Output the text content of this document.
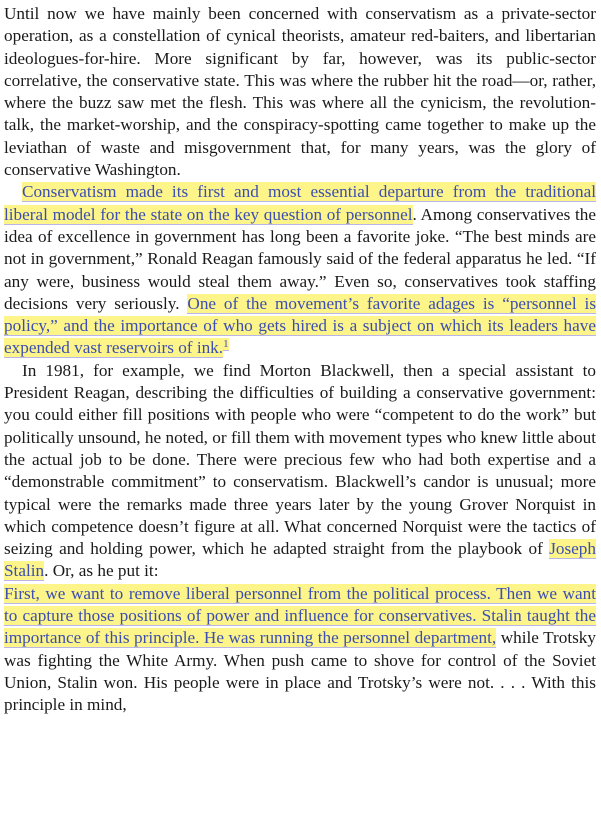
Until now we have mainly been concerned with conservatism as a private-sector operation, as a constellation of cynical theorists, amateur red-baiters, and libertarian ideologues-for-hire. More significant by far, however, was its public-sector correlative, the conservative state. This was where the rubber hit the road—or, rather, where the buzz saw met the flesh. This was where all the cynicism, the revolution-talk, the market-worship, and the conspiracy-spotting came together to make up the leviathan of waste and misgovernment that, for many years, was the glory of conservative Washington.

Conservatism made its first and most essential departure from the traditional liberal model for the state on the key question of personnel. Among conservatives the idea of excellence in government has long been a favorite joke. “The best minds are not in government,” Ronald Reagan famously said of the federal apparatus he led. “If any were, business would steal them away.” Even so, conservatives took staffing decisions very seriously. One of the movement’s favorite adages is “personnel is policy,” and the importance of who gets hired is a subject on which its leaders have expended vast reservoirs of ink.$^1$

In 1981, for example, we find Morton Blackwell, then a special assistant to President Reagan, describing the difficulties of building a conservative government: you could either fill positions with people who were “competent to do the work” but politically unsound, he noted, or fill them with movement types who knew little about the actual job to be done. There were precious few who had both expertise and a “demonstrable commitment” to conservatism. Blackwell’s candor is unusual; more typical were the remarks made three years later by the young Grover Norquist in which competence doesn’t figure at all. What concerned Norquist were the tactics of seizing and holding power, which he adapted straight from the playbook of Joseph Stalin. Or, as he put it:

First, we want to remove liberal personnel from the political process. Then we want to capture those positions of power and influence for conservatives. Stalin taught the importance of this principle. He was running the personnel department, while Trotsky was fighting the White Army. When push came to shove for control of the Soviet Union, Stalin won. His people were in place and Trotsky’s were not. . . . With this principle in mind,
